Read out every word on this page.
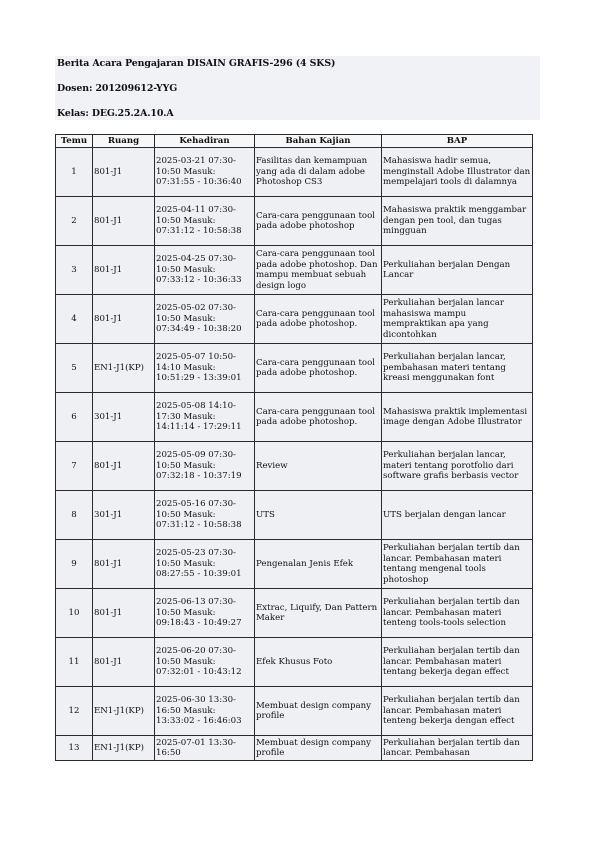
Berita Acara Pengajaran DISAIN GRAFIS-296 (4 SKS)
Dosen: 201209612-YYG
Kelas: DEG.25.2A.10.A
Temu	Ruang	Kehadiran	Bahan Kajian	BAP
1	801-J1	2025-03-21 07:30-10:50 Masuk: 07:31:55 - 10:36:40	Fasilitas dan kemampuan yang ada di dalam adobe Photoshop CS3	Mahasiswa hadir semua, menginstall Adobe Illustrator dan mempelajari tools di dalamnya
2	801-J1	2025-04-11 07:30-10:50 Masuk: 07:31:12 - 10:58:38	Cara-cara penggunaan tool pada adobe photoshop	Mahasiswa praktik menggambar dengan pen tool, dan tugas mingguan
3	801-J1	2025-04-25 07:30-10:50 Masuk: 07:33:12 - 10:36:33	Cara-cara penggunaan tool pada adobe photoshop. Dan mampu membuat sebuah design logo	Perkuliahan berjalan Dengan Lancar
4	801-J1	2025-05-02 07:30-10:50 Masuk: 07:34:49 - 10:38:20	Cara-cara penggunaan tool pada adobe photoshop.	Perkuliahan berjalan lancar mahasiswa mampu mempraktikan apa yang dicontohkan
5	EN1-J1(KP)	2025-05-07 10:50-14:10 Masuk: 10:51:29 - 13:39:01	Cara-cara penggunaan tool pada adobe photoshop.	Perkuliahan berjalan lancar, pembahasan materi tentang kreasi menggunakan font
6	301-J1	2025-05-08 14:10-17:30 Masuk: 14:11:14 - 17:29:11	Cara-cara penggunaan tool pada adobe photoshop.	Mahasiswa praktik implementasi image dengan Adobe Illustrator
7	801-J1	2025-05-09 07:30-10:50 Masuk: 07:32:18 - 10:37:19	Review	Perkuliahan berjalan lancar, materi tentang porotfolio dari software grafis berbasis vector
8	301-J1	2025-05-16 07:30-10:50 Masuk: 07:31:12 - 10:58:38	UTS	UTS berjalan dengan lancar
9	801-J1	2025-05-23 07:30-10:50 Masuk: 08:27:55 - 10:39:01	Pengenalan Jenis Efek	Perkuliahan berjalan tertib dan lancar. Pembahasan materi tentang mengenal tools photoshop
10	801-J1	2025-06-13 07:30-10:50 Masuk: 09:18:43 - 10:49:27	Extrac, Liquify, Dan Pattern Maker	Perkuliahan berjalan tertib dan lancar. Pembahasan materi tenteng tools-tools selection
11	801-J1	2025-06-20 07:30-10:50 Masuk: 07:32:01 - 10:43:12	Efek Khusus Foto	Perkuliahan berjalan tertib dan lancar. Pembahasan materi tentang bekerja degan effect
12	EN1-J1(KP)	2025-06-30 13:30-16:50 Masuk: 13:33:02 - 16:46:03	Membuat design company profile	Perkuliahan berjalan tertib dan lancar. Pembahasan materi tenteng bekerja dengan effect
13	EN1-J1(KP)	2025-07-01 13:30-16:50	Membuat design company profile	Perkuliahan berjalan tertib dan lancar. Pembahasan
